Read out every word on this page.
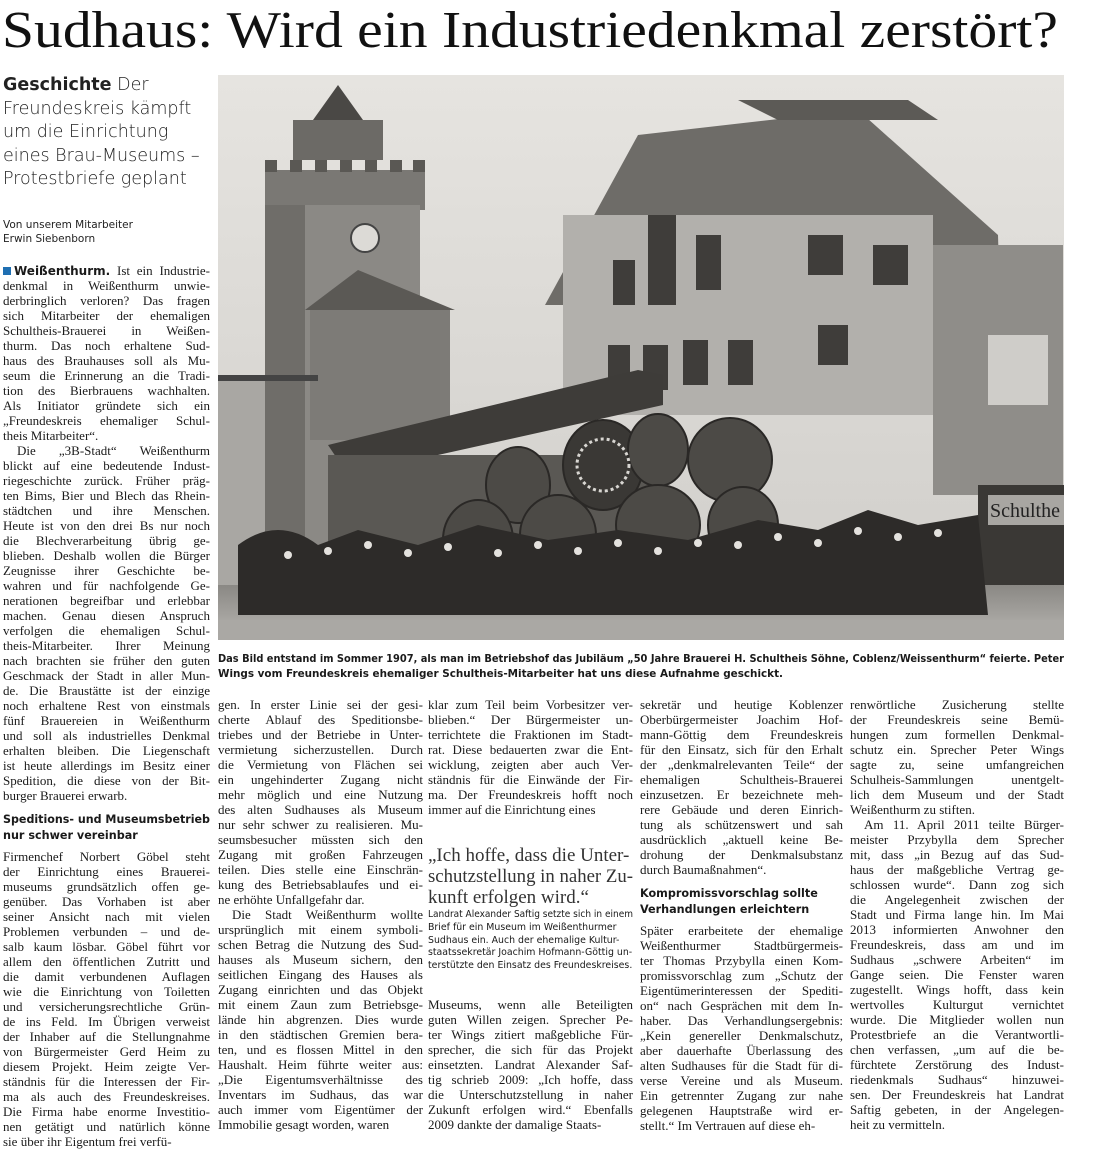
Sudhaus: Wird ein Industriedenkmal zerstört?
Geschichte Der Freundeskreis kämpft um die Einrichtung eines Brau-Museums – Protestbriefe geplant
Von unserem Mitarbeiter
Erwin Siebenborn
Schulthe
Das Bild entstand im Sommer 1907, als man im Betriebshof das Jubiläum „50 Jahre Brauerei H. Schultheis Söhne, Coblenz/Weissenthurm“ feierte. Peter
Wings vom Freundeskreis ehemaliger Schultheis-Mitarbeiter hat uns diese Aufnahme geschickt.
Weißenthurm. Ist ein Industrie-
denkmal in Weißenthurm unwie-
derbringlich verloren? Das fragen
sich Mitarbeiter der ehemaligen
Schultheis-Brauerei in Weißen-
thurm. Das noch erhaltene Sud-
haus des Brauhauses soll als Mu-
seum die Erinnerung an die Tradi-
tion des Bierbrauens wachhalten.
Als Initiator gründete sich ein
„Freundeskreis ehemaliger Schul-
theis Mitarbeiter“.
Die „3B-Stadt“ Weißenthurm
blickt auf eine bedeutende Indust-
riegeschichte zurück. Früher präg-
ten Bims, Bier und Blech das Rhein-
städtchen und ihre Menschen.
Heute ist von den drei Bs nur noch
die Blechverarbeitung übrig ge-
blieben. Deshalb wollen die Bürger
Zeugnisse ihrer Geschichte be-
wahren und für nachfolgende Ge-
nerationen begreifbar und erlebbar
machen. Genau diesen Anspruch
verfolgen die ehemaligen Schul-
theis-Mitarbeiter. Ihrer Meinung
nach brachten sie früher den guten
Geschmack der Stadt in aller Mun-
de. Die Braustätte ist der einzige
noch erhaltene Rest von einstmals
fünf Brauereien in Weißenthurm
und soll als industrielles Denkmal
erhalten bleiben. Die Liegenschaft
ist heute allerdings im Besitz einer
Spedition, die diese von der Bit-
burger Brauerei erwarb.
Speditions- und Museumsbetrieb
nur schwer vereinbar
Firmenchef Norbert Göbel steht
der Einrichtung eines Brauerei-
museums grundsätzlich offen ge-
genüber. Das Vorhaben ist aber
seiner Ansicht nach mit vielen
Problemen verbunden – und de-
salb kaum lösbar. Göbel führt vor
allem den öffentlichen Zutritt und
die damit verbundenen Auflagen
wie die Einrichtung von Toiletten
und versicherungsrechtliche Grün-
de ins Feld. Im Übrigen verweist
der Inhaber auf die Stellungnahme
von Bürgermeister Gerd Heim zu
diesem Projekt. Heim zeigte Ver-
ständnis für die Interessen der Fir-
ma als auch des Freundeskreises.
Die Firma habe enorme Investitio-
nen getätigt und natürlich könne
sie über ihr Eigentum frei verfü-
gen. In erster Linie sei der gesi-
cherte Ablauf des Speditionsbe-
triebes und der Betriebe in Unter-
vermietung sicherzustellen. Durch
die Vermietung von Flächen sei
ein ungehinderter Zugang nicht
mehr möglich und eine Nutzung
des alten Sudhauses als Museum
nur sehr schwer zu realisieren. Mu-
seumsbesucher müssten sich den
Zugang mit großen Fahrzeugen
teilen. Dies stelle eine Einschrän-
kung des Betriebsablaufes und ei-
ne erhöhte Unfallgefahr dar.
Die Stadt Weißenthurm wollte
ursprünglich mit einem symboli-
schen Betrag die Nutzung des Sud-
hauses als Museum sichern, den
seitlichen Eingang des Hauses als
Zugang einrichten und das Objekt
mit einem Zaun zum Betriebsge-
lände hin abgrenzen. Dies wurde
in den städtischen Gremien bera-
ten, und es flossen Mittel in den
Haushalt. Heim führte weiter aus:
„Die Eigentumsverhältnisse des
Inventars im Sudhaus, das war
auch immer vom Eigentümer der
Immobilie gesagt worden, waren
klar zum Teil beim Vorbesitzer ver-
blieben.“ Der Bürgermeister un-
terrichtete die Fraktionen im Stadt-
rat. Diese bedauerten zwar die Ent-
wicklung, zeigten aber auch Ver-
ständnis für die Einwände der Fir-
ma. Der Freundeskreis hofft noch
immer auf die Einrichtung eines
„Ich hoffe, dass die Unter-
schutzstellung in naher Zu-
kunft erfolgen wird.“
Landrat Alexander Saftig setzte sich in einem
Brief für ein Museum im Weißenthurmer
Sudhaus ein. Auch der ehemalige Kultur-
staatssekretär Joachim Hofmann-Göttig un-
terstützte den Einsatz des Freundeskreises.
Museums, wenn alle Beteiligten
guten Willen zeigen. Sprecher Pe-
ter Wings zitiert maßgebliche Für-
sprecher, die sich für das Projekt
einsetzten. Landrat Alexander Saf-
tig schrieb 2009: „Ich hoffe, dass
die Unterschutzstellung in naher
Zukunft erfolgen wird.“ Ebenfalls
2009 dankte der damalige Staats-
sekretär und heutige Koblenzer
Oberbürgermeister Joachim Hof-
mann-Göttig dem Freundeskreis
für den Einsatz, sich für den Erhalt
der „denkmalrelevanten Teile“ der
ehemaligen Schultheis-Brauerei
einzusetzen. Er bezeichnete meh-
rere Gebäude und deren Einrich-
tung als schützenswert und sah
ausdrücklich „aktuell keine Be-
drohung der Denkmalsubstanz
durch Baumaßnahmen“.
Kompromissvorschlag sollte
Verhandlungen erleichtern
Später erarbeitete der ehemalige
Weißenthurmer Stadtbürgermeis-
ter Thomas Przybylla einen Kom-
promissvorschlag zum „Schutz der
Eigentümerinteressen der Spediti-
on“ nach Gesprächen mit dem In-
haber. Das Verhandlungsergebnis:
„Kein genereller Denkmalschutz,
aber dauerhafte Überlassung des
alten Sudhauses für die Stadt für di-
verse Vereine und als Museum.
Ein getrennter Zugang zur nahe
gelegenen Hauptstraße wird er-
stellt.“ Im Vertrauen auf diese eh-
renwörtliche Zusicherung stellte
der Freundeskreis seine Bemü-
hungen zum formellen Denkmal-
schutz ein. Sprecher Peter Wings
sagte zu, seine umfangreichen
Schulheis-Sammlungen unentgelt-
lich dem Museum und der Stadt
Weißenthurm zu stiften.
Am 11. April 2011 teilte Bürger-
meister Przybylla dem Sprecher
mit, dass „in Bezug auf das Sud-
haus der maßgebliche Vertrag ge-
schlossen wurde“. Dann zog sich
die Angelegenheit zwischen der
Stadt und Firma lange hin. Im Mai
2013 informierten Anwohner den
Freundeskreis, dass am und im
Sudhaus „schwere Arbeiten“ im
Gange seien. Die Fenster waren
zugestellt. Wings hofft, dass kein
wertvolles Kulturgut vernichtet
wurde. Die Mitglieder wollen nun
Protestbriefe an die Verantwortli-
chen verfassen, „um auf die be-
fürchtete Zerstörung des Indust-
riedenkmals Sudhaus“ hinzuwei-
sen. Der Freundeskreis hat Landrat
Saftig gebeten, in der Angelegen-
heit zu vermitteln.
